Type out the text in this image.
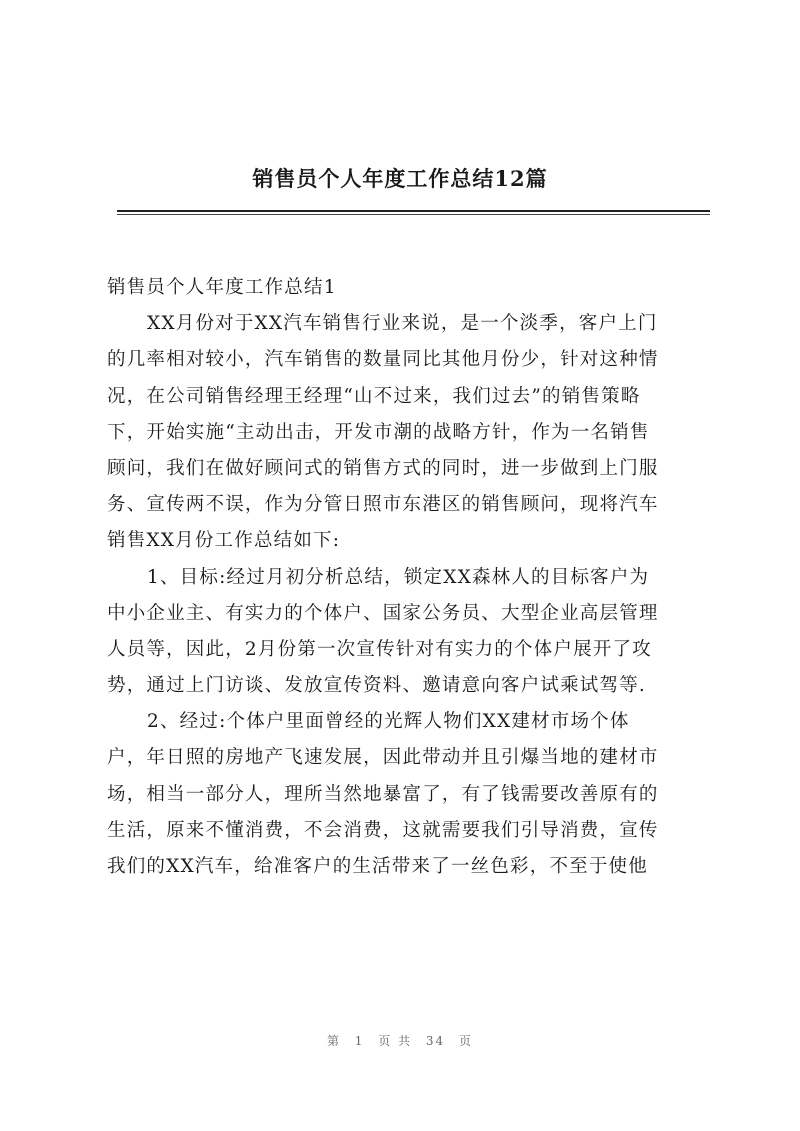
销售员个人年度工作总结12篇
销售员个人年度工作总结1
XX月份对于XX汽车销售行业来说，是一个淡季，客户上门
的几率相对较小，汽车销售的数量同比其他月份少，针对这种情
况，在公司销售经理王经理“山不过来，我们过去”的销售策略
下，开始实施“主动出击，开发市潮的战略方针，作为一名销售
顾问，我们在做好顾问式的销售方式的同时，进一步做到上门服
务、宣传两不误，作为分管日照市东港区的销售顾问，现将汽车
销售XX月份工作总结如下:
1、目标:经过月初分析总结，锁定XX森林人的目标客户为
中小企业主、有实力的个体户、国家公务员、大型企业高层管理
人员等，因此，2月份第一次宣传针对有实力的个体户展开了攻
势，通过上门访谈、发放宣传资料、邀请意向客户试乘试驾等.
2、经过:个体户里面曾经的光辉人物们XX建材市场个体
户，年日照的房地产飞速发展，因此带动并且引爆当地的建材市
场，相当一部分人，理所当然地暴富了，有了钱需要改善原有的
生活，原来不懂消费，不会消费，这就需要我们引导消费，宣传
我们的XX汽车，给准客户的生活带来了一丝色彩，不至于使他
第 1 页 共 34 页
